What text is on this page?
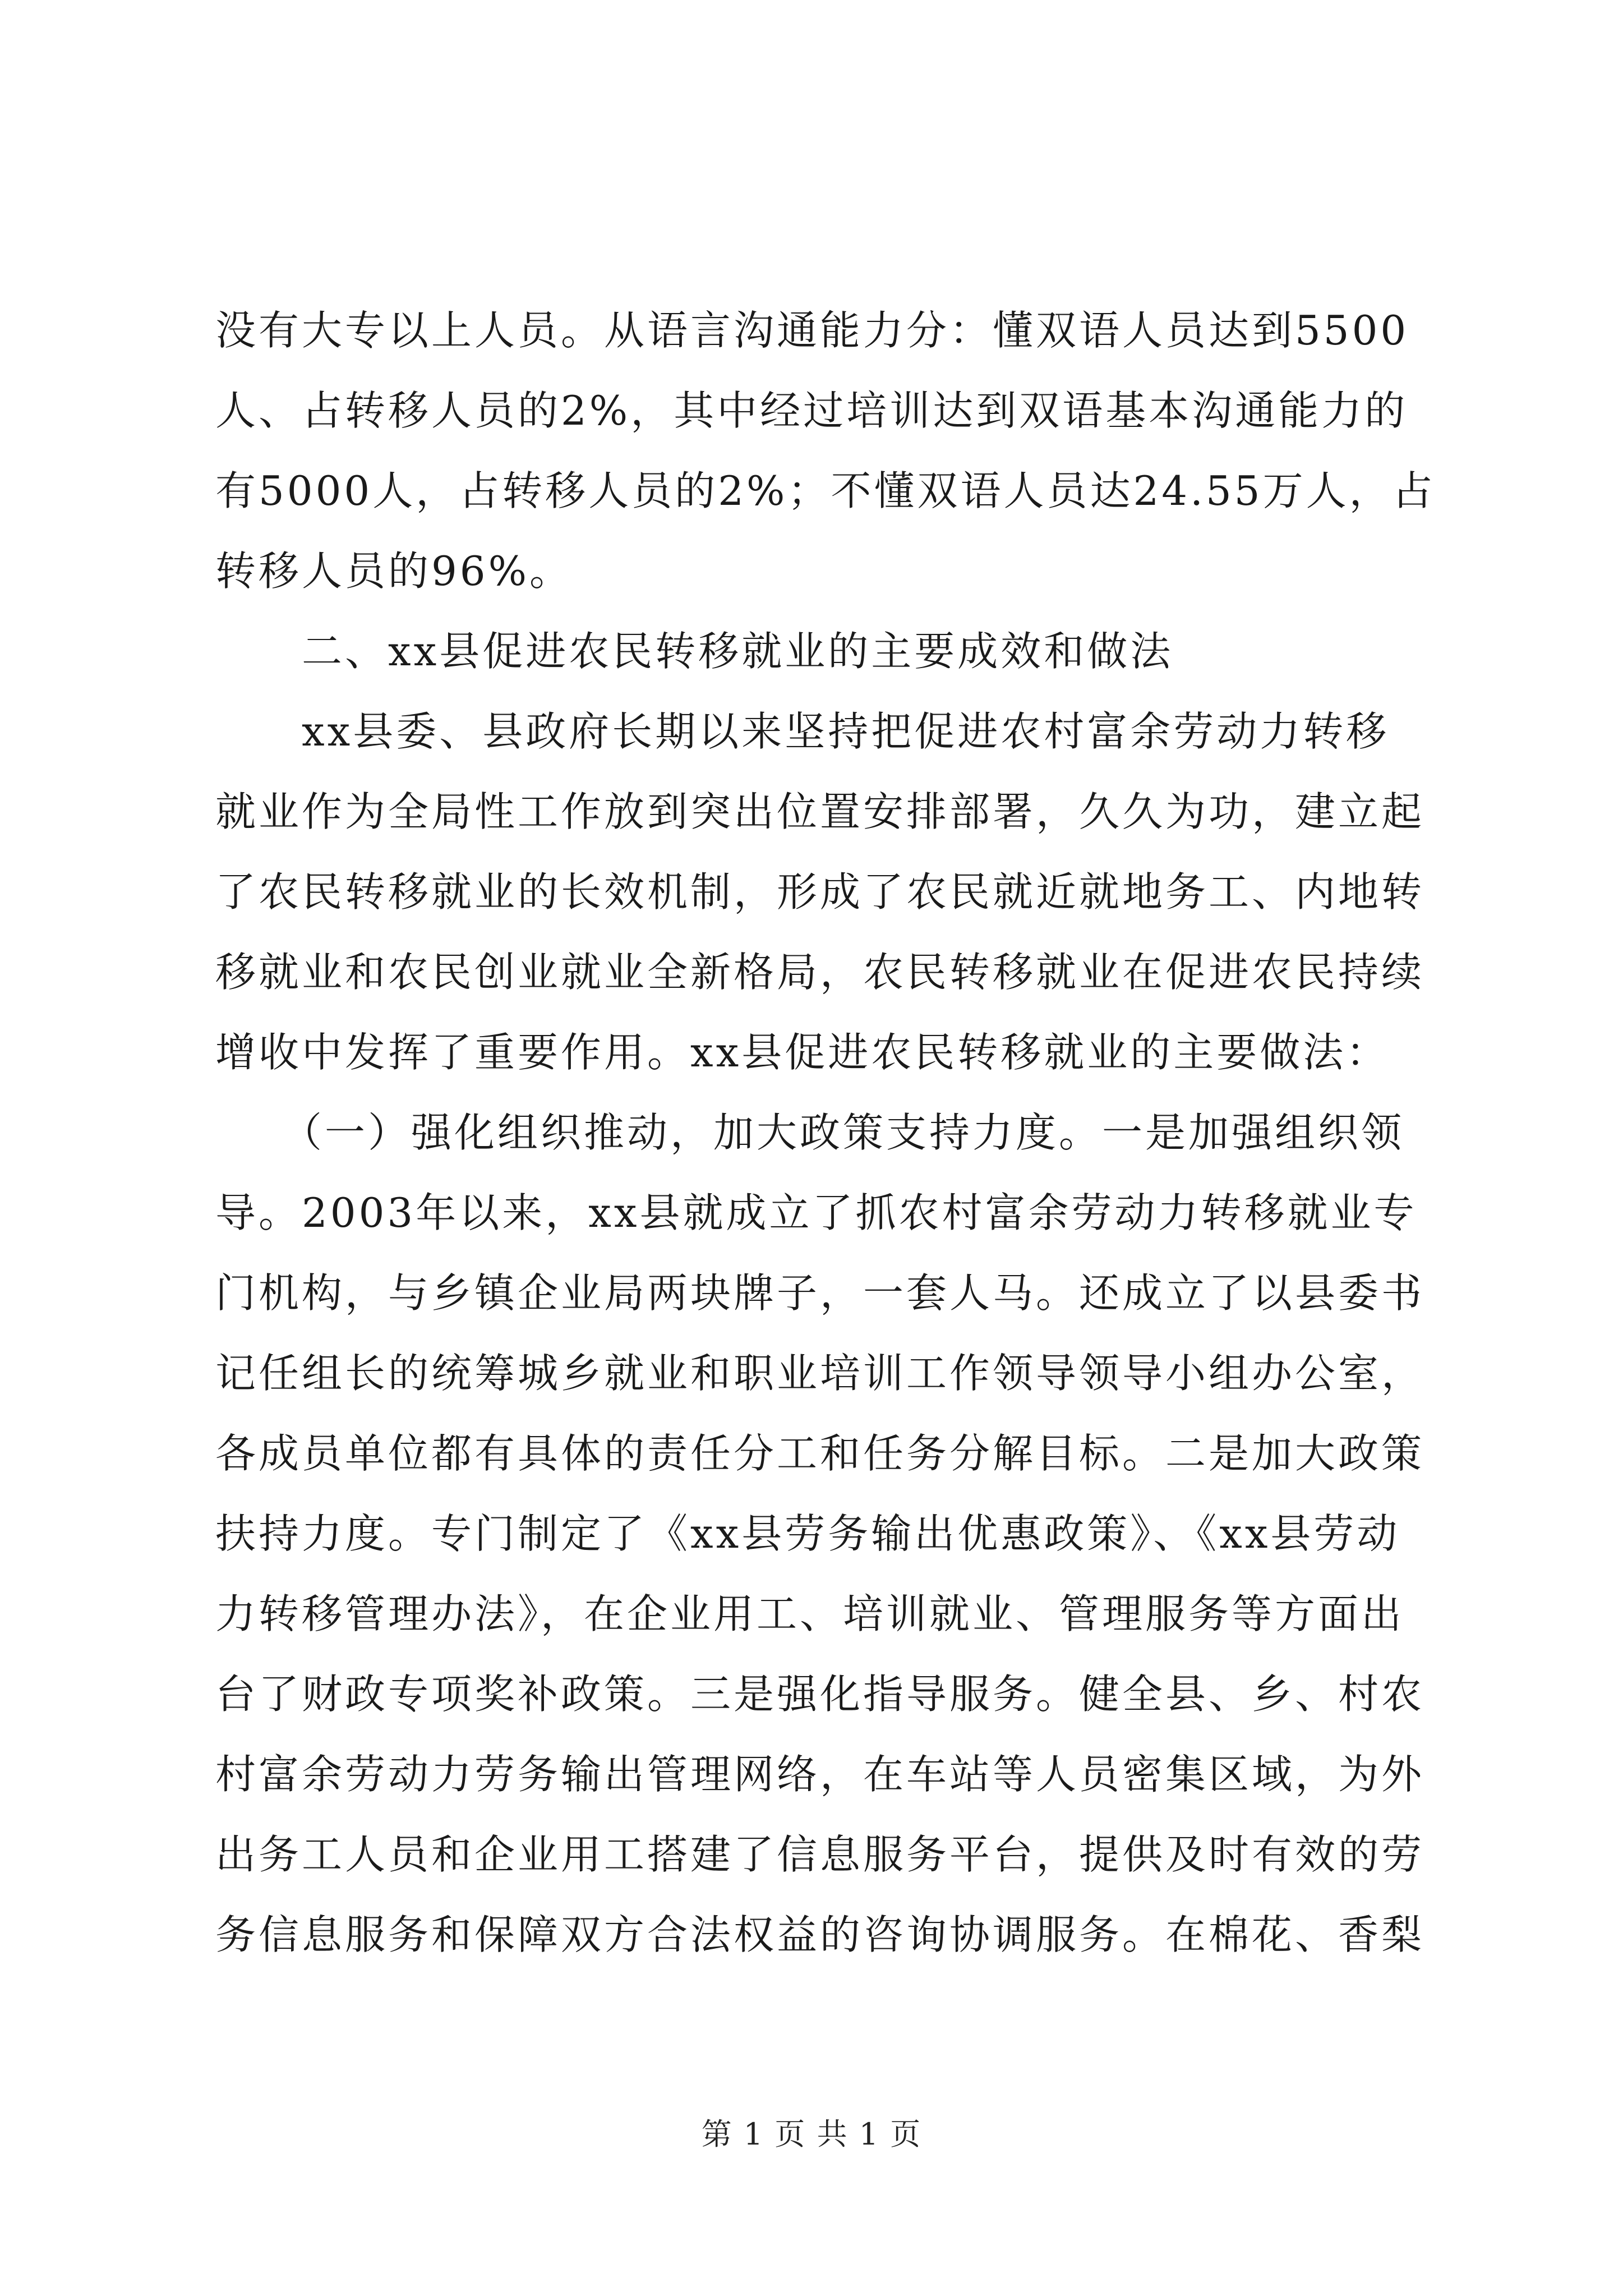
没有大专以上人员。从语言沟通能力分：懂双语人员达到5500
人、占转移人员的2%，其中经过培训达到双语基本沟通能力的
有5000人，占转移人员的2%；不懂双语人员达24.55万人，占
转移人员的96%。
　　二、xx县促进农民转移就业的主要成效和做法
　　xx县委、县政府长期以来坚持把促进农村富余劳动力转移
就业作为全局性工作放到突出位置安排部署，久久为功，建立起
了农民转移就业的长效机制，形成了农民就近就地务工、内地转
移就业和农民创业就业全新格局，农民转移就业在促进农民持续
增收中发挥了重要作用。xx县促进农民转移就业的主要做法：
　　（一）强化组织推动，加大政策支持力度。一是加强组织领
导。2003年以来，xx县就成立了抓农村富余劳动力转移就业专
门机构，与乡镇企业局两块牌子，一套人马。还成立了以县委书
记任组长的统筹城乡就业和职业培训工作领导领导小组办公室，
各成员单位都有具体的责任分工和任务分解目标。二是加大政策
扶持力度。专门制定了《xx县劳务输出优惠政策》、《xx县劳动
力转移管理办法》，在企业用工、培训就业、管理服务等方面出
台了财政专项奖补政策。三是强化指导服务。健全县、乡、村农
村富余劳动力劳务输出管理网络，在车站等人员密集区域，为外
出务工人员和企业用工搭建了信息服务平台，提供及时有效的劳
务信息服务和保障双方合法权益的咨询协调服务。在棉花、香梨
第 1 页 共 1 页
